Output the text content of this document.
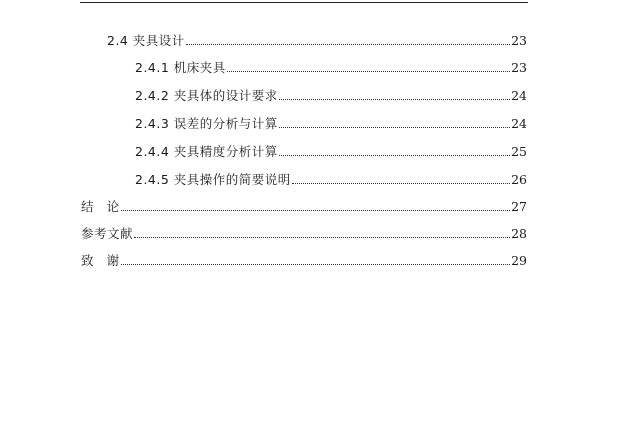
2.4 夹具设计	23
2.4.1 机床夹具	23
2.4.2 夹具体的设计要求	24
2.4.3 误差的分析与计算	24
2.4.4 夹具精度分析计算	25
2.4.5 夹具操作的简要说明	26
结论	27
参考文献	28
致谢	29
